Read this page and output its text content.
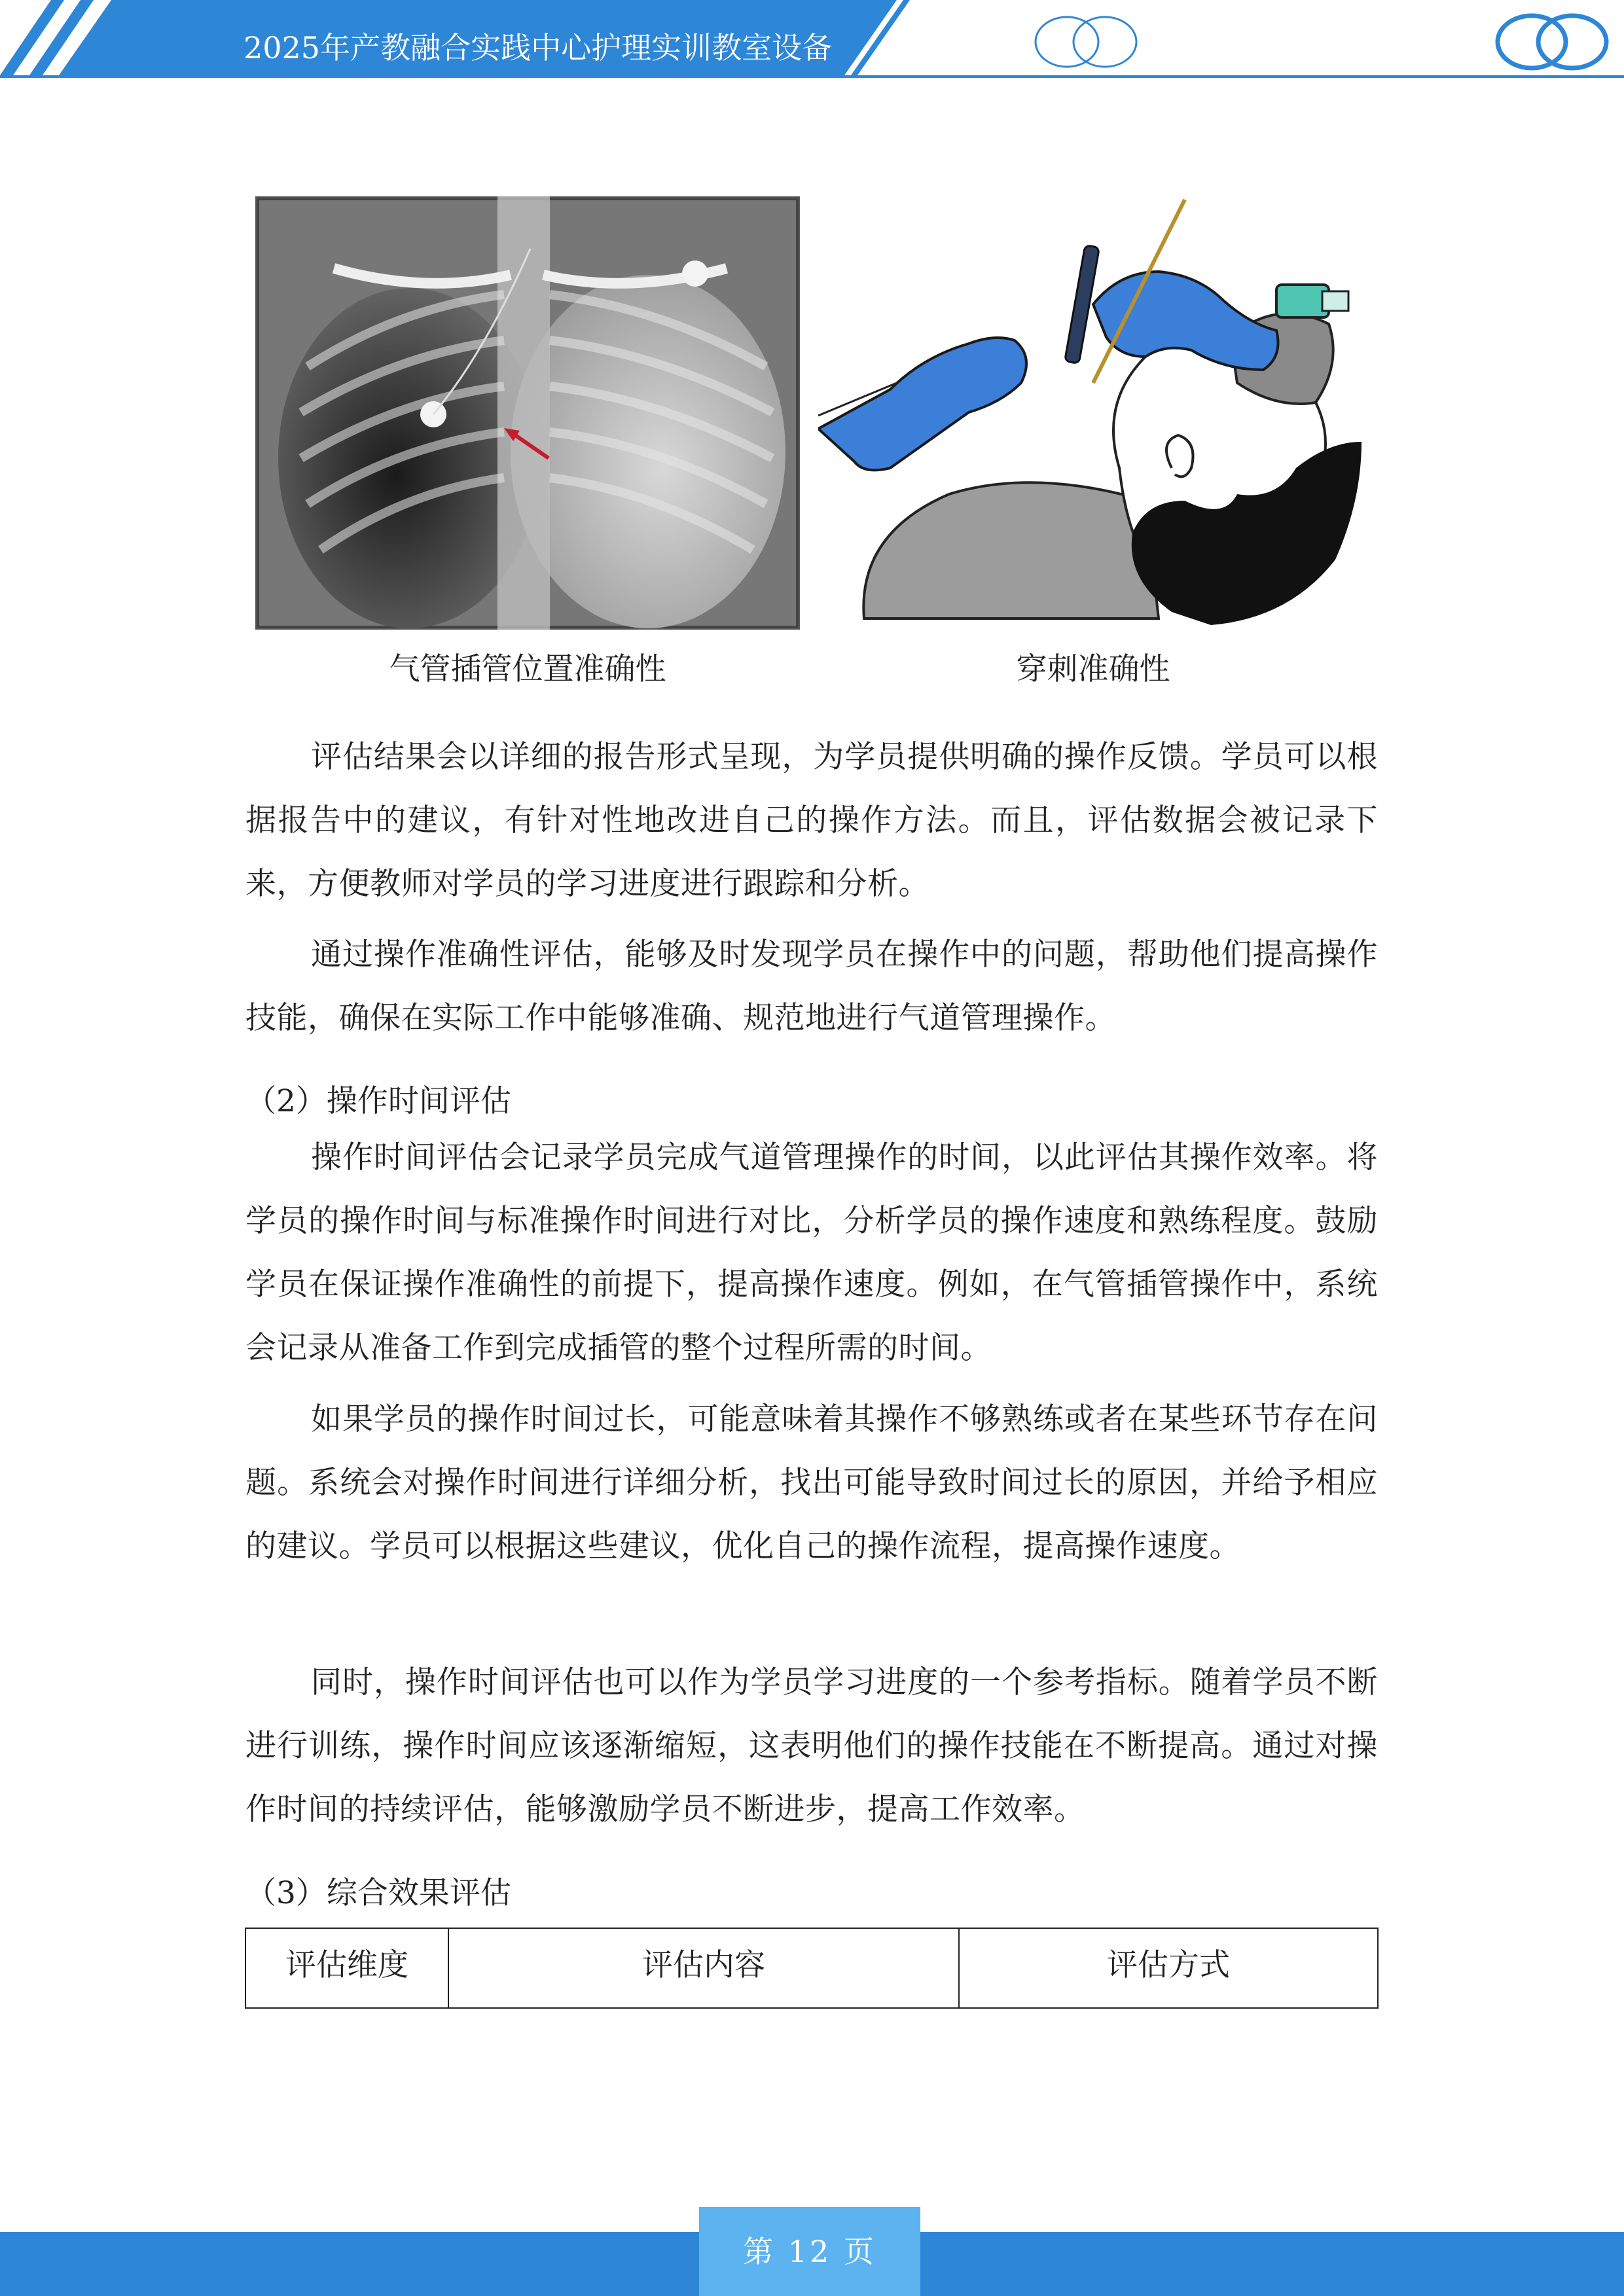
2025年产教融合实践中心护理实训教室设备
气管插管位置准确性	穿刺准确性
评估结果会以详细的报告形式呈现，为学员提供明确的操作反馈。学员可以根据报告中的建议，有针对性地改进自己的操作方法。而且，评估数据会被记录下来，方便教师对学员的学习进度进行跟踪和分析。
通过操作准确性评估，能够及时发现学员在操作中的问题，帮助他们提高操作技能，确保在实际工作中能够准确、规范地进行气道管理操作。
（2）操作时间评估
操作时间评估会记录学员完成气道管理操作的时间，以此评估其操作效率。将学员的操作时间与标准操作时间进行对比，分析学员的操作速度和熟练程度。鼓励学员在保证操作准确性的前提下，提高操作速度。例如，在气管插管操作中，系统会记录从准备工作到完成插管的整个过程所需的时间。
如果学员的操作时间过长，可能意味着其操作不够熟练或者在某些环节存在问题。系统会对操作时间进行详细分析，找出可能导致时间过长的原因，并给予相应的建议。学员可以根据这些建议，优化自己的操作流程，提高操作速度。
同时，操作时间评估也可以作为学员学习进度的一个参考指标。随着学员不断进行训练，操作时间应该逐渐缩短，这表明他们的操作技能在不断提高。通过对操作时间的持续评估，能够激励学员不断进步，提高工作效率。
（3）综合效果评估
评估维度	评估内容	评估方式
第 12 页
